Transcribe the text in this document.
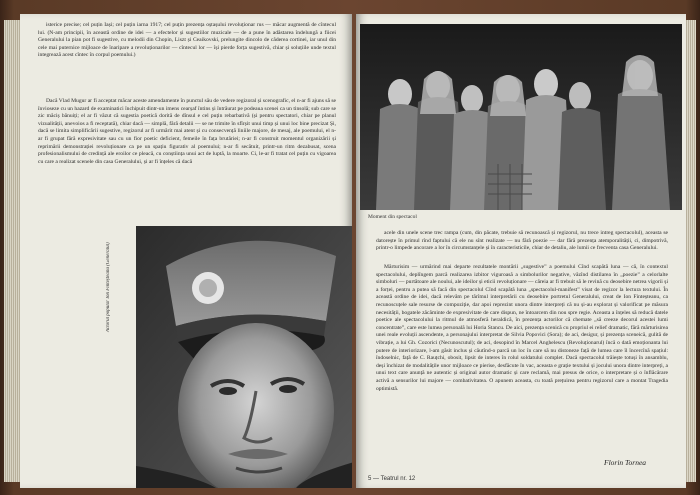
isterice precise; cel puțin Iași; cel puțin iarna 1917; cel puțin prezența oștașului revoluționar rus — măcar augmentă de cîntecul lui. (N-am principii, în această ordine de idei — a efectelor și sugestiilor muzicale — de a pune în adăstarea îndelungă a fiicei Generalului la pian pot fi sugestive, cu melodii din Chopin, Liszt și Ceaikovski, prelungite dincolo de căderea cortinei, iar unul din cele mai puternice mijloace de înaripare a revoluționarilor — cîntecul lor — își pierde forța sugestivă, chiar și soluțiile unde textul integrează acest cîntec în corpul poemului.)

Dacă Vlad Mugur ar fi acceptat măcar aceste amendamente în punctul său de vedere regizoral și scenografic, el n-ar fi ajuns să se învioseze cu un hazard de examinatici închipuit dintr-un imens cearșaf întins și întrăurat pe podeaua scenei ca un tinsolă; sub care se zic măciș bănuiți; el ar fi văzut că sugestia poetică dorită de dînsul e cel puțin rebarbativă (și pentru spectatori, chiar pe planul vizualității, anevoios a fi receptată), chiar dacă — simplă, fără detalii — se ne trimite în sfîrșit unui timp și unui loc bine precizat Și, dacă se limita simplificării sugestive, regizorul ar fi urmărit mai atent și cu consecvență liniile majore, de mesaj, ale poemului, el n-ar fi grupat fără expresivitate sau cu un fior poetic deficient, femeile în fața brutăriei; n-ar fi construit momentul organizării și reprimării demonstrației revoluționare ca pe un spațiu figurativ al poemului; n-ar fi secătuit, printr-un ritm dezabusat, scena profesionalismului de credință ale eroilor ce pleacă, cu conștiința unui act de luptă, la moarte. Ci, le-ar fi tratat cel puțin cu vigoarea cu care a realizat scenele din casa Generalului, și ar fi înțeles că dacă

Actorul popular Ion Finteșteanu (Generalul)
Moment din spectacol

acele din unele scene trec rampa (cum, din păcate, trebuie să recunoască și regizorul, nu trece intreg spectacolul), aceasta se datorește în primul rînd faptului că ele nu sînt realizate — nu fără poezie — dar fără prezența atemporalității, ci, dimpotrivă, printr-o limpede ancorare a lor în circumstanțele și în caracteristicile, chiar de detaliu, ale lumii ce frecventa casa Generalului.

Mărturisim — urmărind mai departe rezultatele montării „sugestive” a poemului Cînd scapătă luna — că, în contextul spectacolului, deplîngem parcă realizarea izbitor viguroasă a simbolurilor negative, văzînd distilarea în „poezie” a celorlalte simboluri — purtătoare ale noului, ale ideilor și eticii revoluționare — căreia ar fi trebuit să le revină cu deosebire netrea vigorii și a forței, pentru a putea să facă din spectacolul Cînd scapătă luna „spectacolul-manifest” visat de regizor la lectura textului. În această ordine de idei, dacă relevăm pe tărîmul interpretării cu deosebire portretul Generalului, creat de Ion Finteșteanu, ca recunoscuțele sale resurse de compoziție, dar apoi reprezint unora dintre interpreți că nu și-au explorat și valorificat pe măsura necesității, bogatele zăcăminte de expresivitate de care dispun, ne întoarcem din nou spre regie. Aceasta a înțeles să reducă datele poetice ale spectacolului la ritmul de atmosferă heraldică, în prezența actorilor că chemate „să creeze decorul acestei lumi concentrate”, care este lumea personală lui Horia Stancu. De aici, prezența scenică cu propriul ei relief dramatic, fără mărturisirea unei reale evoluții ascendente, a personajului interpretat de Silvia Popovici (Sora); de aci, desigur, și prezența sceneică, gulită de vibrație, a lui Gh. Cozorici (Necunoscutul); de aci, desopind în Marcel Anghelescu (Revoluționarul) încă o dată emoționanta lui putere de interiorizare, l-am găsit inclus și căutînd-o parcă un loc în care să nu distoneze față de lumea care îl încercînă spațiul: îndoselnic, față de C. Rauțchi, obosit, lipsit de interes în rolul soldatului complet. Dacă spectacolul trăiește totuși în ansamblu, deși închizat de modalitățile unor mijloace ce pierise, desfăcute în vac, aceasta e grație textului și jocului unora dintre interpreți, a unui text care anunță ne autentic și original autor dramatic și care reclamă, mai presus de orice, o interpretare și o înflăcărare activă a sensurilor lui majore — combativitatea. O apunem aceasta, cu toată prețuirea pentru regizorul care a montat Tragedia optimistă.

Florin Tornea
5 — Teatrul nr. 12
